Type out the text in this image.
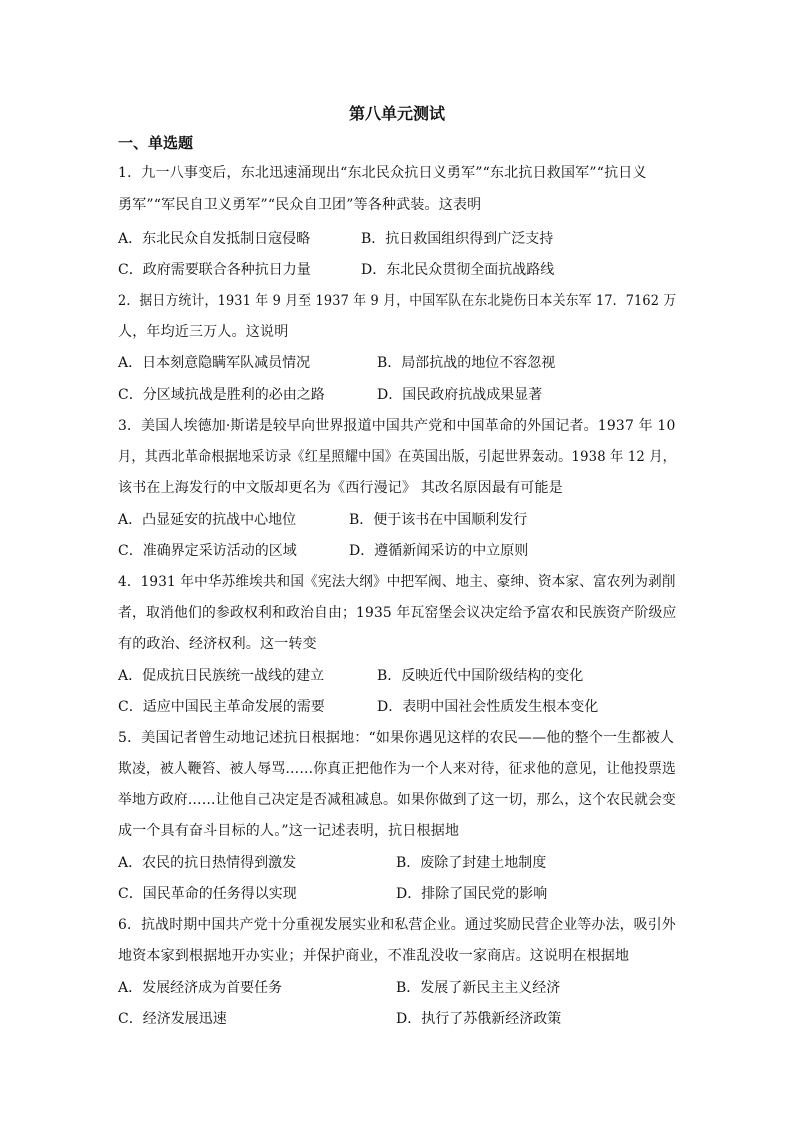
第八单元测试
一、单选题
1．九一八事变后，东北迅速涌现出“东北民众抗日义勇军”“东北抗日救国军”“抗日义
勇军”“军民自卫义勇军”“民众自卫团”等各种武装。这表明
A．东北民众自发抵制日寇侵略	B．抗日救国组织得到广泛支持
C．政府需要联合各种抗日力量	D．东北民众贯彻全面抗战路线
2．据日方统计，1931 年 9 月至 1937 年 9 月，中国军队在东北毙伤日本关东军 17．7162 万
人，年均近三万人。这说明
A．日本刻意隐瞒军队减员情况	B．局部抗战的地位不容忽视
C．分区域抗战是胜利的必由之路	D．国民政府抗战成果显著
3．美国人埃德加·斯诺是较早向世界报道中国共产党和中国革命的外国记者。1937 年 10
月，其西北革命根据地采访录《红星照耀中国》在英国出版，引起世界轰动。1938 年 12 月，
该书在上海发行的中文版却更名为《西行漫记》 其改名原因最有可能是
A．凸显延安的抗战中心地位	B．便于该书在中国顺利发行
C．准确界定采访活动的区域	D．遵循新闻采访的中立原则
4．1931 年中华苏维埃共和国《宪法大纲》中把军阀、地主、豪绅、资本家、富农列为剥削
者，取消他们的参政权利和政治自由；1935 年瓦窑堡会议决定给予富农和民族资产阶级应
有的政治、经济权利。这一转变
A．促成抗日民族统一战线的建立	B．反映近代中国阶级结构的变化
C．适应中国民主革命发展的需要	D．表明中国社会性质发生根本变化
5．美国记者曾生动地记述抗日根据地：“如果你遇见这样的农民——他的整个一生都被人
欺凌，被人鞭笞、被人辱骂……你真正把他作为一个人来对待，征求他的意见，让他投票选
举地方政府……让他自己决定是否减租减息。如果你做到了这一切，那么，这个农民就会变
成一个具有奋斗目标的人。”这一记述表明，抗日根据地
A．农民的抗日热情得到激发	B．废除了封建土地制度
C．国民革命的任务得以实现	D．排除了国民党的影响
6．抗战时期中国共产党十分重视发展实业和私营企业。通过奖励民营企业等办法，吸引外
地资本家到根据地开办实业；并保护商业，不准乱没收一家商店。这说明在根据地
A．发展经济成为首要任务	B．发展了新民主主义经济
C．经济发展迅速	D．执行了苏俄新经济政策
